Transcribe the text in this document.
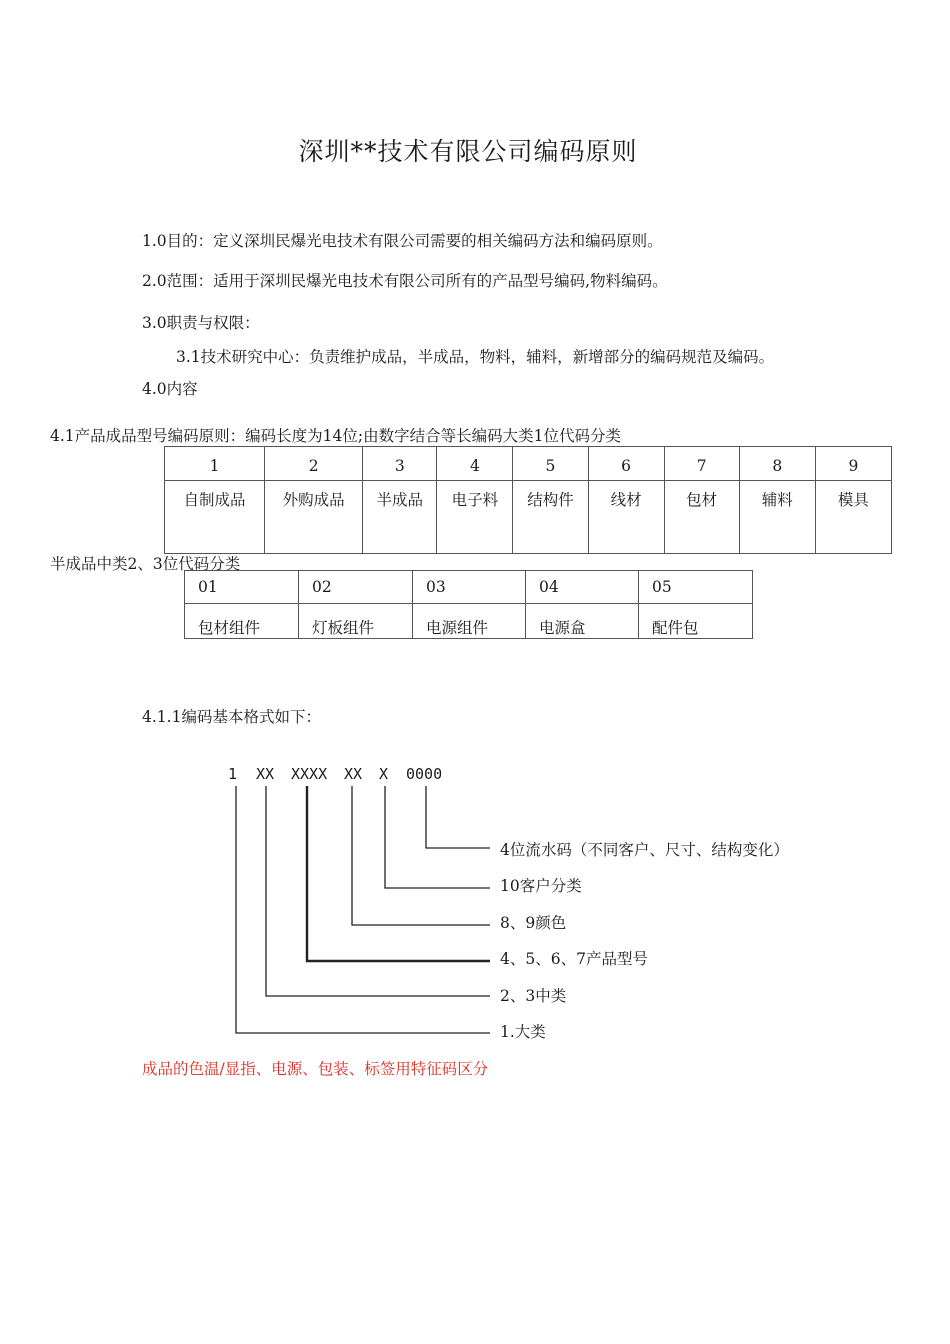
深圳**技术有限公司编码原则
1.0目的：定义深圳民爆光电技术有限公司需要的相关编码方法和编码原则。
2.0范围：适用于深圳民爆光电技术有限公司所有的产品型号编码,物料编码。
3.0职责与权限：
3.1技术研究中心：负责维护成品，半成品，物料，辅料，新增部分的编码规范及编码。
4.0内容
4.1产品成品型号编码原则：编码长度为14位;由数字结合等长编码大类1位代码分类
1	2	3	4	5	6	7	8	9
自制成品	外购成品	半成品	电子料	结构件	线材	包材	辅料	模具
半成品中类2、3位代码分类
01	02	03	04	05
包材组件	灯板组件	电源组件	电源盒	配件包
4.1.1编码基本格式如下：
1 XX XXXX XX X 0000
4位流水码（不同客户、尺寸、结构变化）
10客户分类
8、9颜色
4、5、6、7产品型号
2、3中类
1.大类
成品的色温/显指、电源、包装、标签用特征码区分
